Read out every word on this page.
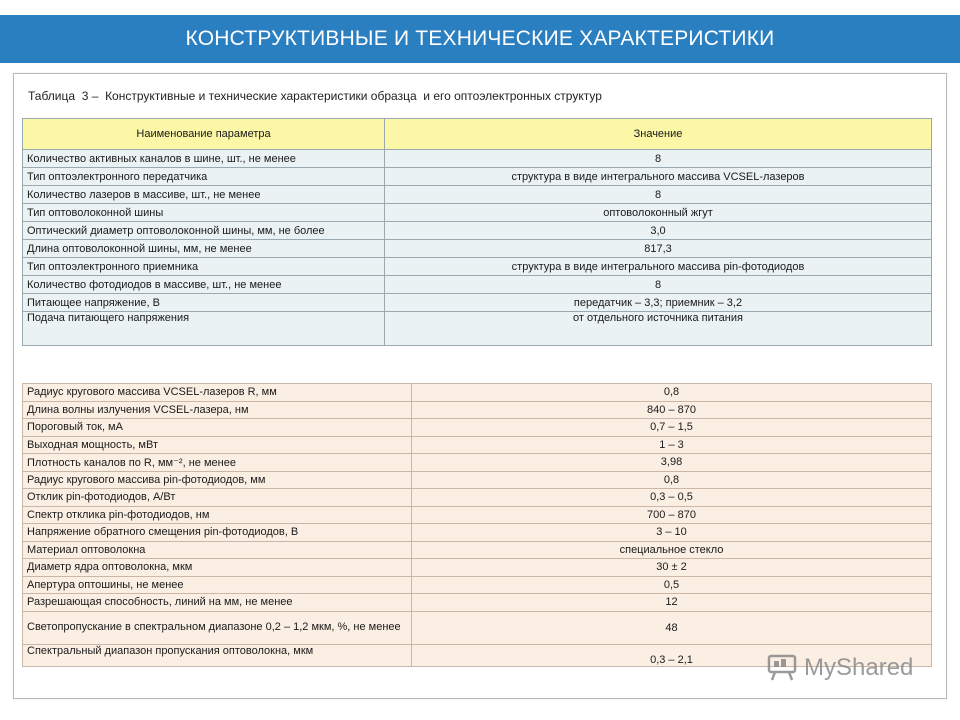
КОНСТРУКТИВНЫЕ И ТЕХНИЧЕСКИЕ ХАРАКТЕРИСТИКИ
Таблица  3 –  Конструктивные и технические характеристики образца  и его оптоэлектронных структур
Наименование параметра	Значение
Количество активных каналов в шине, шт., не менее	8
Тип оптоэлектронного передатчика	структура в виде интегрального массива VCSEL-лазеров
Количество лазеров в массиве, шт., не менее	8
Тип оптоволоконной шины	оптоволоконный жгут
Оптический диаметр оптоволоконной шины, мм, не более	3,0
Длина оптоволоконной шины, мм, не менее	817,3
Тип оптоэлектронного приемника	структура в виде интегрального массива pin-фотодиодов
Количество фотодиодов в массиве, шт., не менее	8
Питающее напряжение, В	передатчик – 3,3; приемник – 3,2
Подача питающего напряжения	от отдельного источника питания
Радиус кругового массива VCSEL-лазеров R, мм	0,8
Длина волны излучения VCSEL-лазера, нм	840 – 870
Пороговый ток, мА	0,7 – 1,5
Выходная мощность, мВт	1 – 3
Плотность каналов по R, мм⁻², не менее	3,98
Радиус кругового массива pin-фотодиодов, мм	0,8
Отклик pin-фотодиодов, А/Вт	0,3 – 0,5
Спектр отклика pin-фотодиодов, нм	700 – 870
Напряжение обратного смещения pin-фотодиодов, В	3 – 10
Материал оптоволокна	специальное стекло
Диаметр ядра оптоволокна, мкм	30 ± 2
Апертура оптошины, не менее	0,5
Разрешающая способность, линий на мм, не менее	12
Светопропускание в спектральном диапазоне 0,2 – 1,2 мкм, %, не менее	48
Спектральный диапазон пропускания оптоволокна, мкм	0,3 – 2,1	MyShared
